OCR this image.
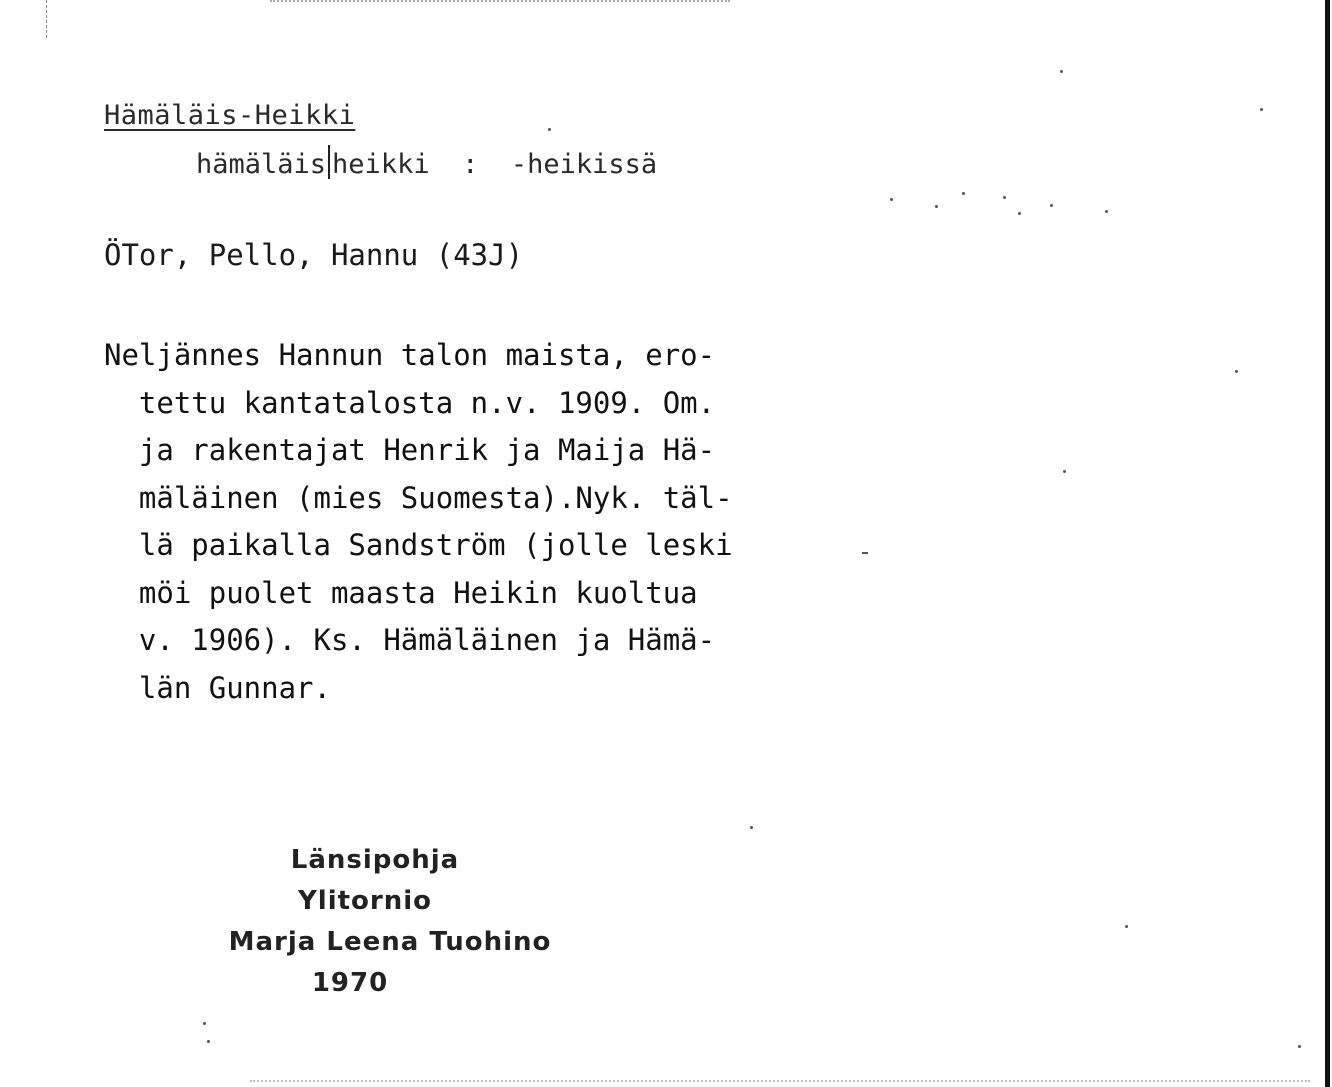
Hämäläis-Heikki
hämäläis heikki  :  -heikissä
ÖTor, Pello, Hannu (43J)
Neljännes Hannun talon maista, ero-
tettu kantatalosta n.v. 1909. Om.
ja rakentajat Henrik ja Maija Hä-
mäläinen (mies Suomesta).Nyk. täl-
lä paikalla Sandström (jolle leski
möi puolet maasta Heikin kuoltua
v. 1906). Ks. Hämäläinen ja Hämä-
län Gunnar.
Länsipohja
Ylitornio
Marja Leena Tuohino
1970
